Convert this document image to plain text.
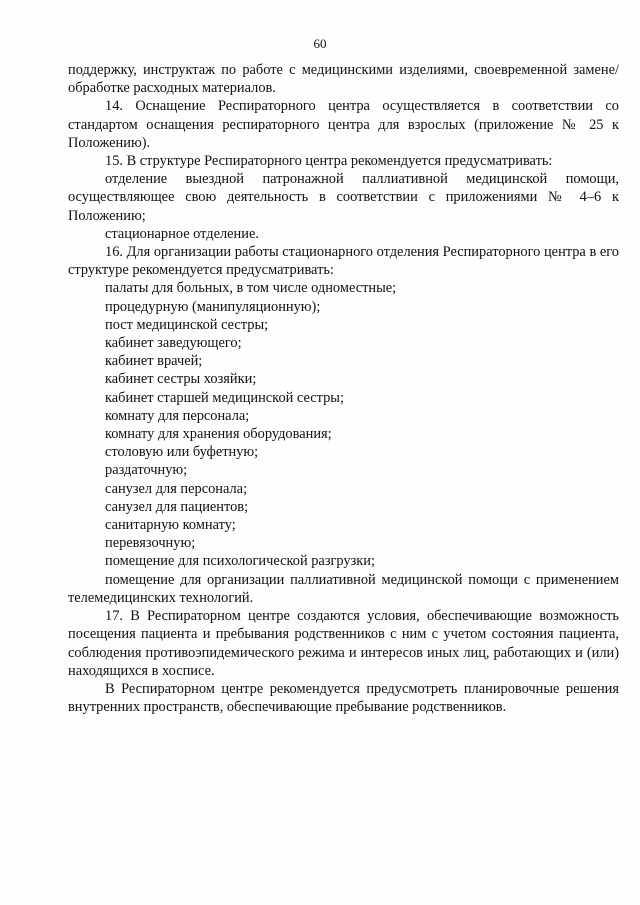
60

поддержку, инструктаж по работе с медицинскими изделиями, своевременной замене/обработке расходных материалов.

14. Оснащение Респираторного центра осуществляется в соответствии со стандартом оснащения респираторного центра для взрослых (приложение № 25 к Положению).

15. В структуре Респираторного центра рекомендуется предусматривать:

отделение выездной патронажной паллиативной медицинской помощи, осуществляющее свою деятельность в соответствии с приложениями № 4–6 к Положению;

стационарное отделение.

16. Для организации работы стационарного отделения Респираторного центра в его структуре рекомендуется предусматривать:

палаты для больных, в том числе одноместные;

процедурную (манипуляционную);

пост медицинской сестры;

кабинет заведующего;

кабинет врачей;

кабинет сестры хозяйки;

кабинет старшей медицинской сестры;

комнату для персонала;

комнату для хранения оборудования;

столовую или буфетную;

раздаточную;

санузел для персонала;

санузел для пациентов;

санитарную комнату;

перевязочную;

помещение для психологической разгрузки;

помещение для организации паллиативной медицинской помощи с применением телемедицинских технологий.

17. В Респираторном центре создаются условия, обеспечивающие возможность посещения пациента и пребывания родственников с ним с учетом состояния пациента, соблюдения противоэпидемического режима и интересов иных лиц, работающих и (или) находящихся в хосписе.

В Респираторном центре рекомендуется предусмотреть планировочные решения внутренних пространств, обеспечивающие пребывание родственников.
